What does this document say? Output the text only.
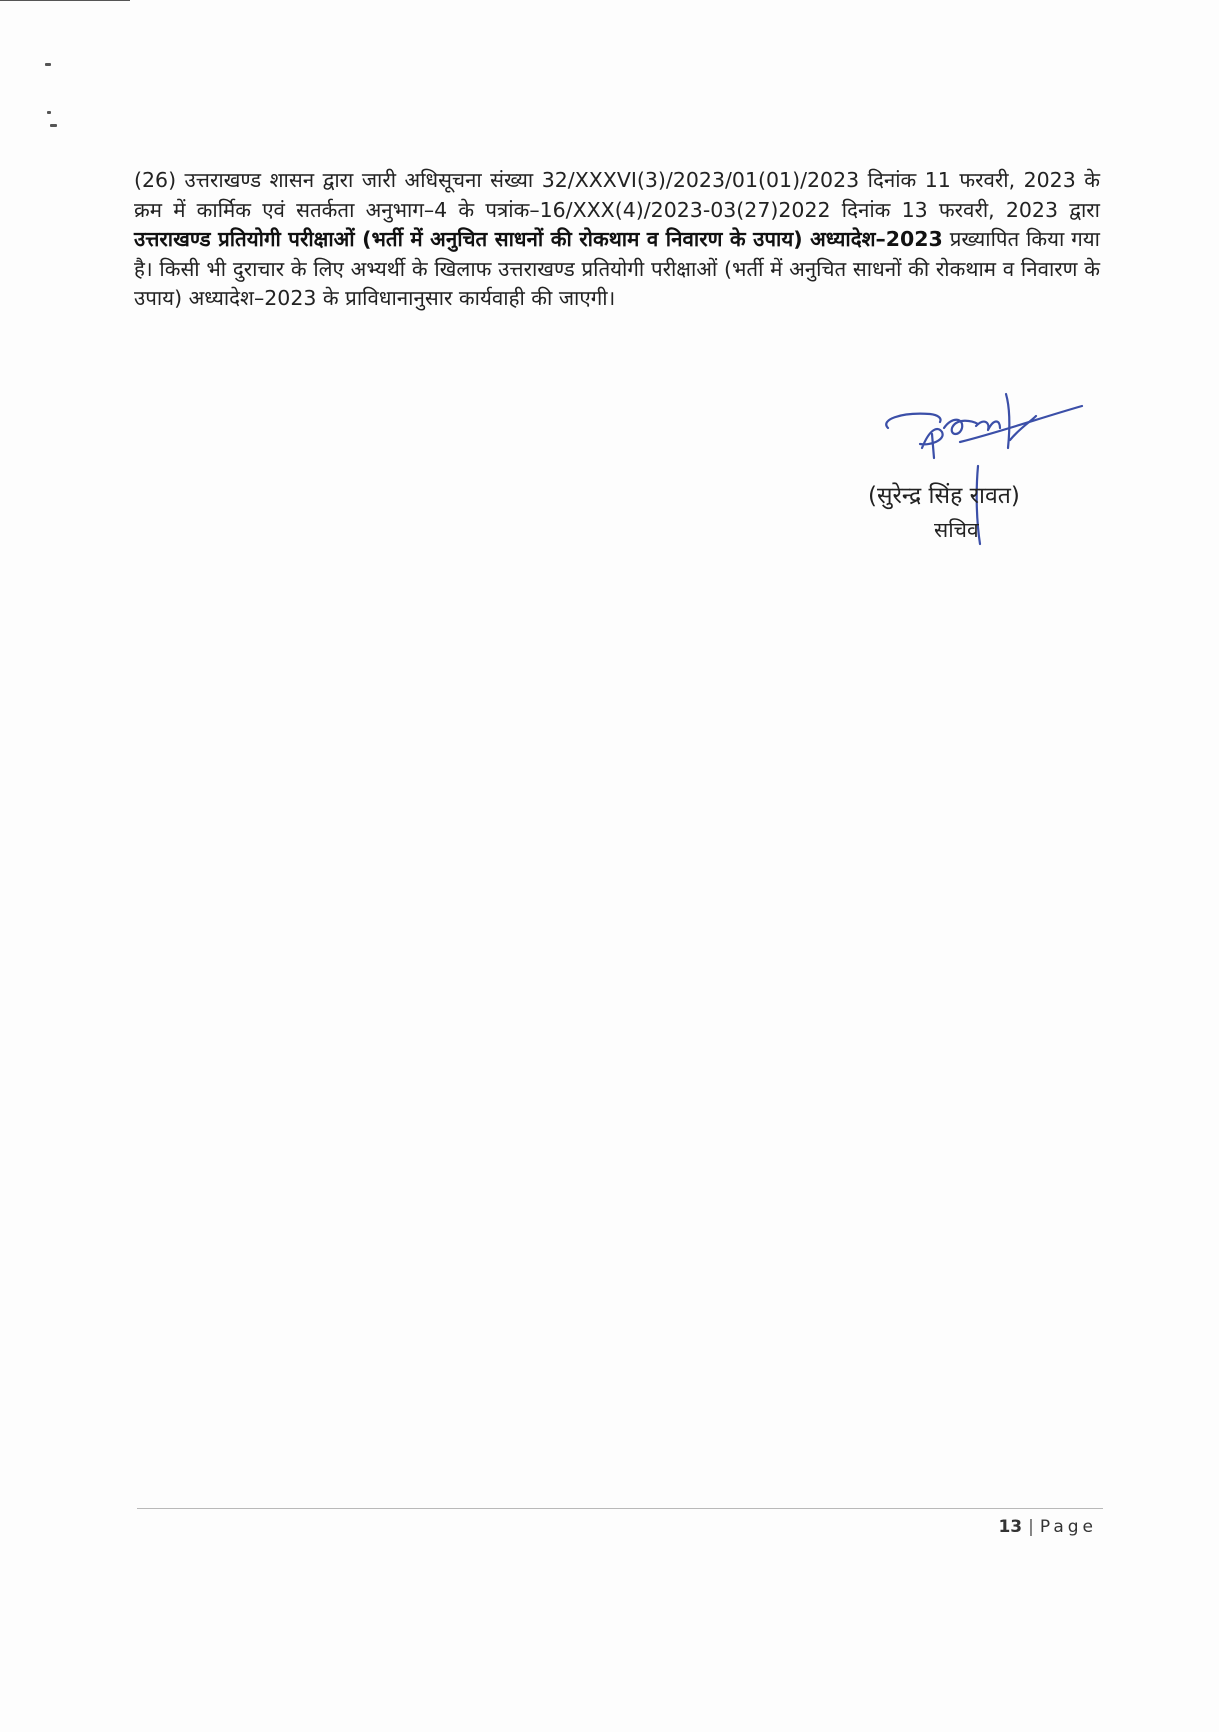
(26) उत्तराखण्ड शासन द्वारा जारी अधिसूचना संख्या 32/XXXVI(3)/2023/01(01)/2023 दिनांक 11 फरवरी, 2023 के क्रम में कार्मिक एवं सतर्कता अनुभाग–4 के पत्रांक–16/XXX(4)/2023-03(27)2022 दिनांक 13 फरवरी, 2023 द्वारा उत्तराखण्ड प्रतियोगी परीक्षाओं (भर्ती में अनुचित साधनों की रोकथाम व निवारण के उपाय) अध्यादेश–2023 प्रख्यापित किया गया है। किसी भी दुराचार के लिए अभ्यर्थी के खिलाफ उत्तराखण्ड प्रतियोगी परीक्षाओं (भर्ती में अनुचित साधनों की रोकथाम व निवारण के उपाय) अध्यादेश–2023 के प्राविधानानुसार कार्यवाही की जाएगी।

(सुरेन्द्र सिंह रावत)
सचिव
13 | Page
